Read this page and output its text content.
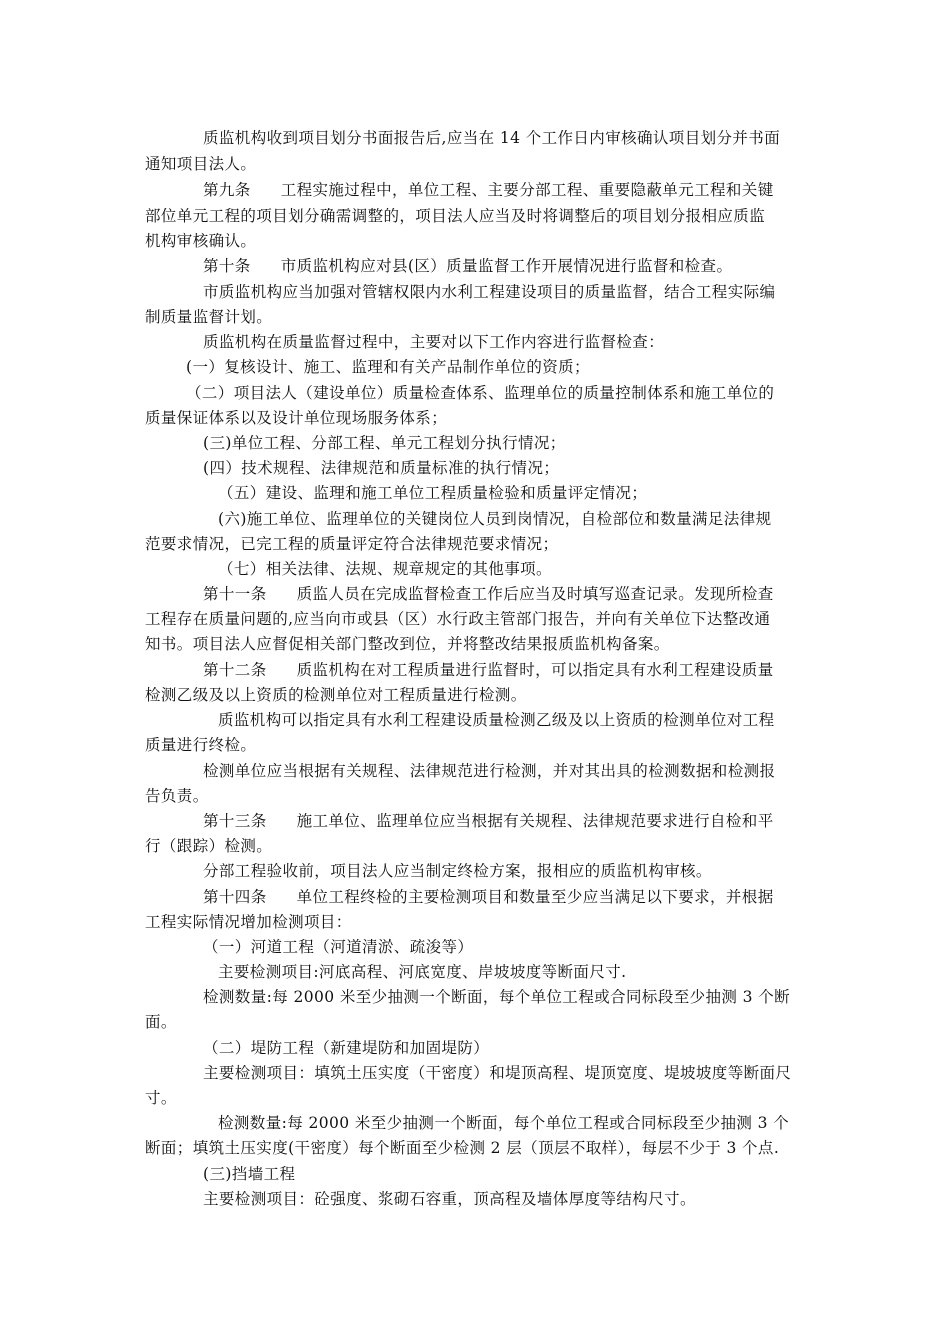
质监机构收到项目划分书面报告后,应当在 14 个工作日内审核确认项目划分并书面
通知项目法人。
第九条 工程实施过程中，单位工程、主要分部工程、重要隐蔽单元工程和关键
部位单元工程的项目划分确需调整的，项目法人应当及时将调整后的项目划分报相应质监
机构审核确认。
第十条 市质监机构应对县(区）质量监督工作开展情况进行监督和检查。
市质监机构应当加强对管辖权限内水利工程建设项目的质量监督，结合工程实际编
制质量监督计划。
质监机构在质量监督过程中，主要对以下工作内容进行监督检查：
(一）复核设计、施工、监理和有关产品制作单位的资质；
（二）项目法人（建设单位）质量检查体系、监理单位的质量控制体系和施工单位的
质量保证体系以及设计单位现场服务体系；
(三)单位工程、分部工程、单元工程划分执行情况；
(四）技术规程、法律规范和质量标准的执行情况；
（五）建设、监理和施工单位工程质量检验和质量评定情况；
(六)施工单位、监理单位的关键岗位人员到岗情况，自检部位和数量满足法律规
范要求情况，已完工程的质量评定符合法律规范要求情况；
（七）相关法律、法规、规章规定的其他事项。
第十一条 质监人员在完成监督检查工作后应当及时填写巡查记录。发现所检查
工程存在质量问题的,应当向市或县（区）水行政主管部门报告，并向有关单位下达整改通
知书。项目法人应督促相关部门整改到位，并将整改结果报质监机构备案。
第十二条 质监机构在对工程质量进行监督时，可以指定具有水利工程建设质量
检测乙级及以上资质的检测单位对工程质量进行检测。
质监机构可以指定具有水利工程建设质量检测乙级及以上资质的检测单位对工程
质量进行终检。
检测单位应当根据有关规程、法律规范进行检测，并对其出具的检测数据和检测报
告负责。
第十三条 施工单位、监理单位应当根据有关规程、法律规范要求进行自检和平
行（跟踪）检测。
分部工程验收前，项目法人应当制定终检方案，报相应的质监机构审核。
第十四条 单位工程终检的主要检测项目和数量至少应当满足以下要求，并根据
工程实际情况增加检测项目：
（一）河道工程（河道清淤、疏浚等）
主要检测项目:河底高程、河底宽度、岸坡坡度等断面尺寸.
检测数量:每 2000 米至少抽测一个断面，每个单位工程或合同标段至少抽测 3 个断
面。
（二）堤防工程（新建堤防和加固堤防）
主要检测项目：填筑土压实度（干密度）和堤顶高程、堤顶宽度、堤坡坡度等断面尺
寸。
检测数量:每 2000 米至少抽测一个断面，每个单位工程或合同标段至少抽测 3 个
断面；填筑土压实度(干密度）每个断面至少检测 2 层（顶层不取样），每层不少于 3 个点.
(三)挡墙工程
主要检测项目：砼强度、浆砌石容重，顶高程及墙体厚度等结构尺寸。
